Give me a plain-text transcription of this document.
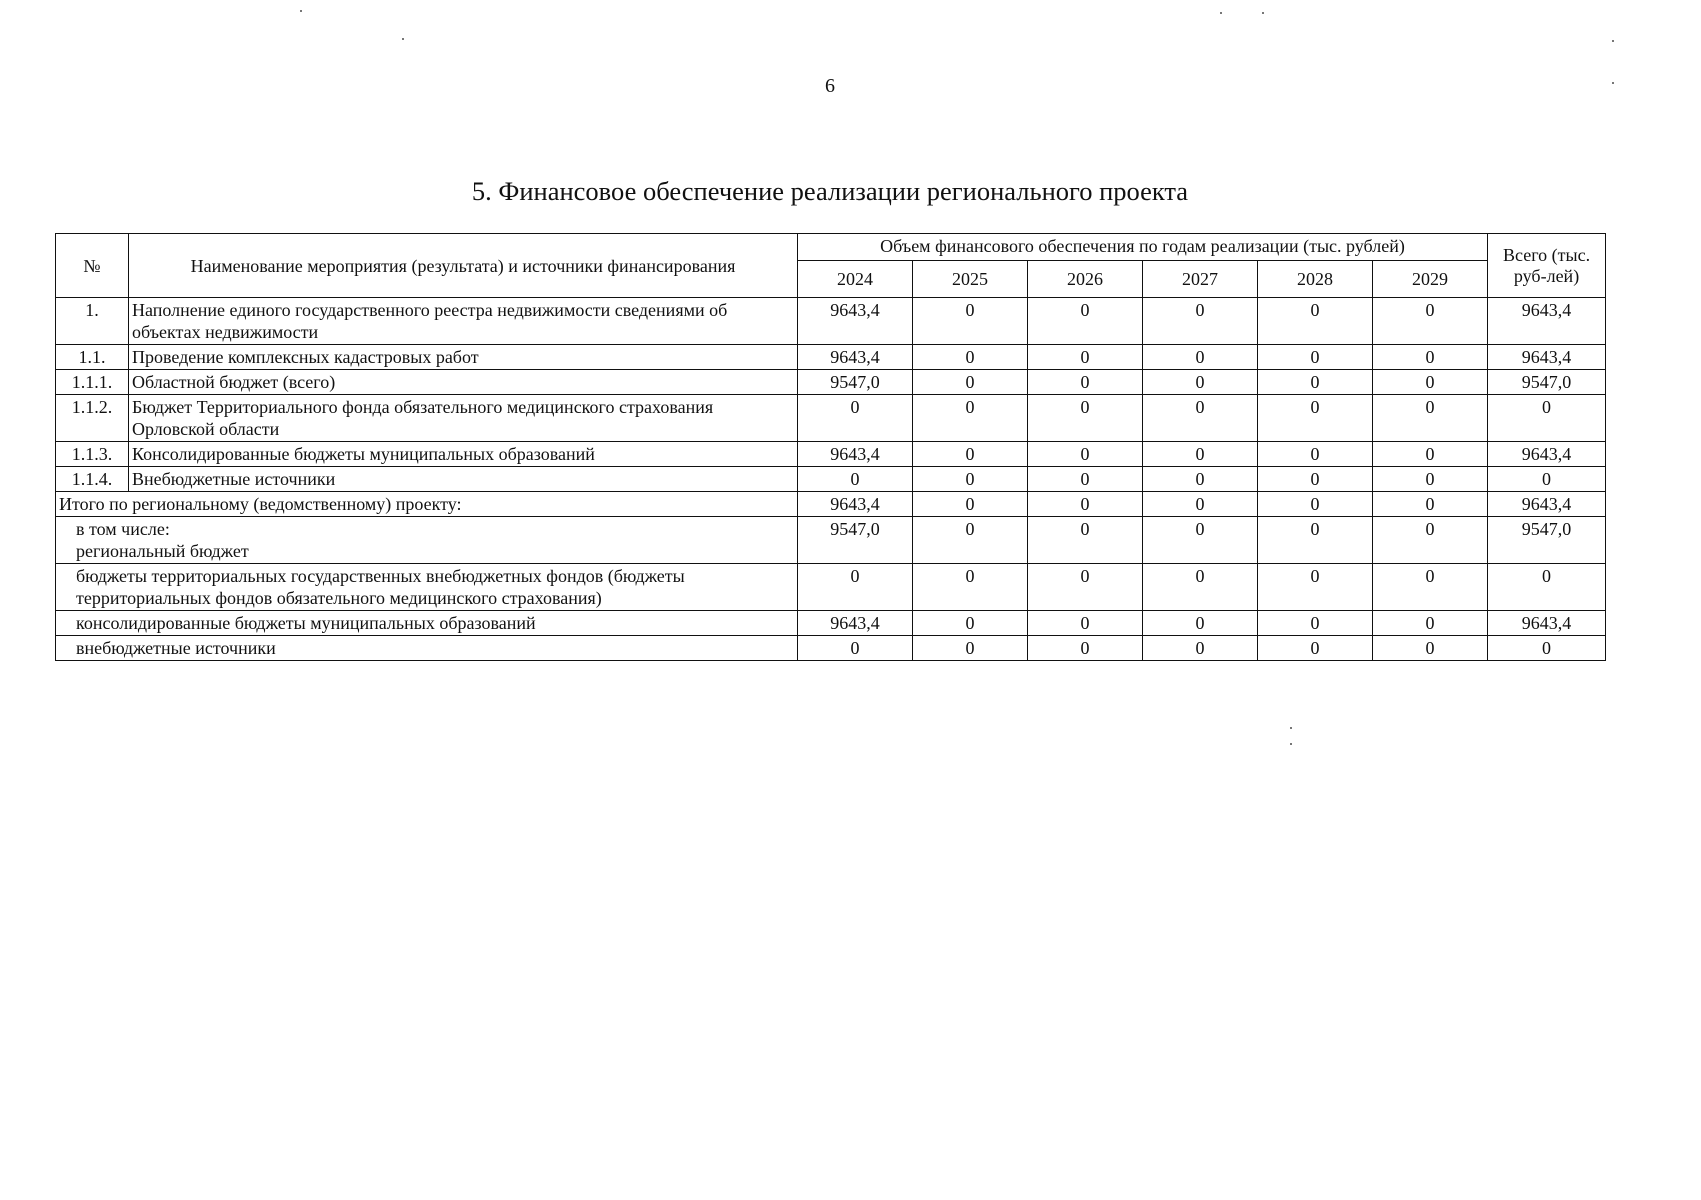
6
5. Финансовое обеспечение реализации регионального проекта
№	Наименование мероприятия (результата) и источники финансирования	Объем финансового обеспечения по годам реализации (тыс. рублей)						Всего (тыс. руб-лей)
		2024	2025	2026	2027	2028	2029	
1.	Наполнение единого государственного реестра недвижимости сведениями об объектах недвижимости	9643,4	0	0	0	0	0	9643,4
1.1.	Проведение комплексных кадастровых работ	9643,4	0	0	0	0	0	9643,4
1.1.1.	Областной бюджет (всего)	9547,0	0	0	0	0	0	9547,0
1.1.2.	Бюджет Территориального фонда обязательного медицинского страхования Орловской области	0	0	0	0	0	0	0
1.1.3.	Консолидированные бюджеты муниципальных образований	9643,4	0	0	0	0	0	9643,4
1.1.4.	Внебюджетные источники	0	0	0	0	0	0	0
Итого по региональному (ведомственному) проекту:		9643,4	0	0	0	0	0	9643,4

в том числе:
региональный бюджет		9547,0	0	0	0	0	0	9547,0
бюджеты территориальных государственных внебюджетных фондов (бюджеты территориальных фондов обязательного медицинского страхования)		0	0	0	0	0	0	0
консолидированные бюджеты муниципальных образований		9643,4	0	0	0	0	0	9643,4
внебюджетные источники		0	0	0	0	0	0	0
